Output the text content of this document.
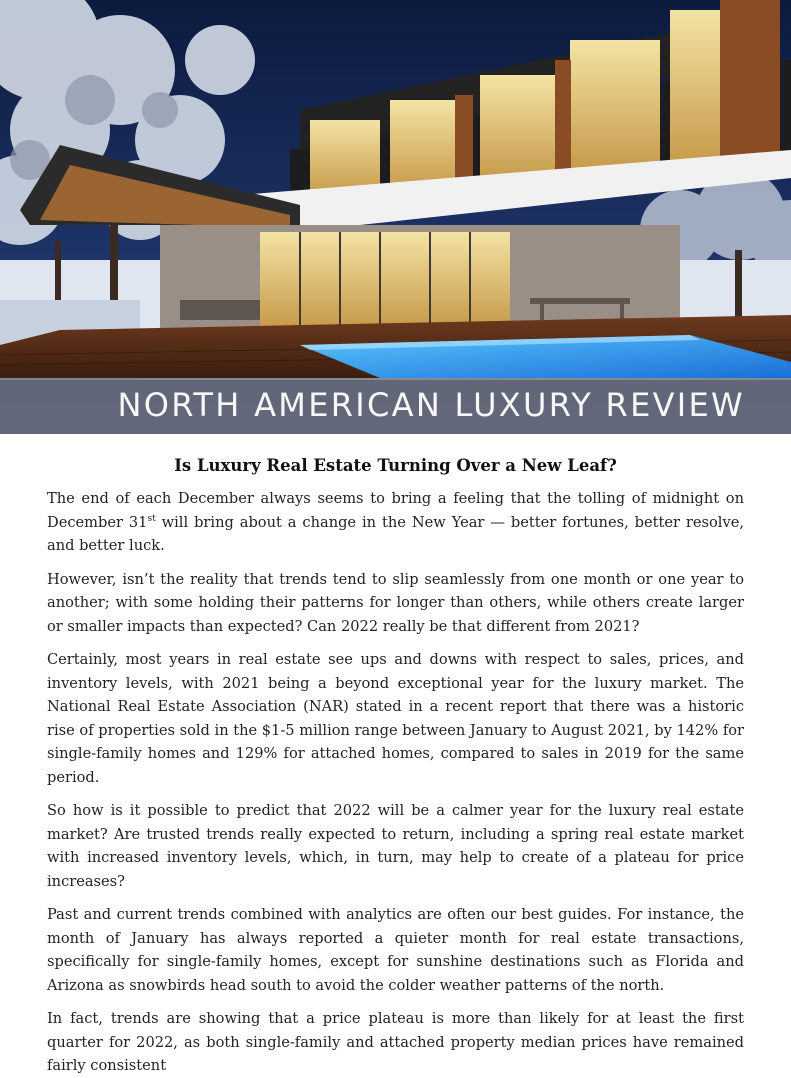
NORTH AMERICAN LUXURY REVIEW
Is Luxury Real Estate Turning Over a New Leaf?

The end of each December always seems to bring a feeling that the tolling of midnight on December 31st will bring about a change in the New Year — better fortunes, better resolve, and better luck.

However, isn’t the reality that trends tend to slip seamlessly from one month or one year to another; with some holding their patterns for longer than others, while others create larger or smaller impacts than expected? Can 2022 really be that different from 2021?

Certainly, most years in real estate see ups and downs with respect to sales, prices, and inventory levels, with 2021 being a beyond exceptional year for the luxury market. The National Real Estate Association (NAR) stated in a recent report that there was a historic rise of properties sold in the $1-5 million range between January to August 2021, by 142% for single-family homes and 129% for attached homes, compared to sales in 2019 for the same period.

So how is it possible to predict that 2022 will be a calmer year for the luxury real estate market? Are trusted trends really expected to return, including a spring real estate market with increased inventory levels, which, in turn, may help to create of a plateau for price increases?

Past and current trends combined with analytics are often our best guides. For instance, the month of January has always reported a quieter month for real estate transactions, specifically for single-family homes, except for sunshine destinations such as Florida and Arizona as snowbirds head south to avoid the colder weather patterns of the north.

In fact, trends are showing that a price plateau is more than likely for at least the first quarter for 2022, as both single-family and attached property median prices have remained fairly consistent
